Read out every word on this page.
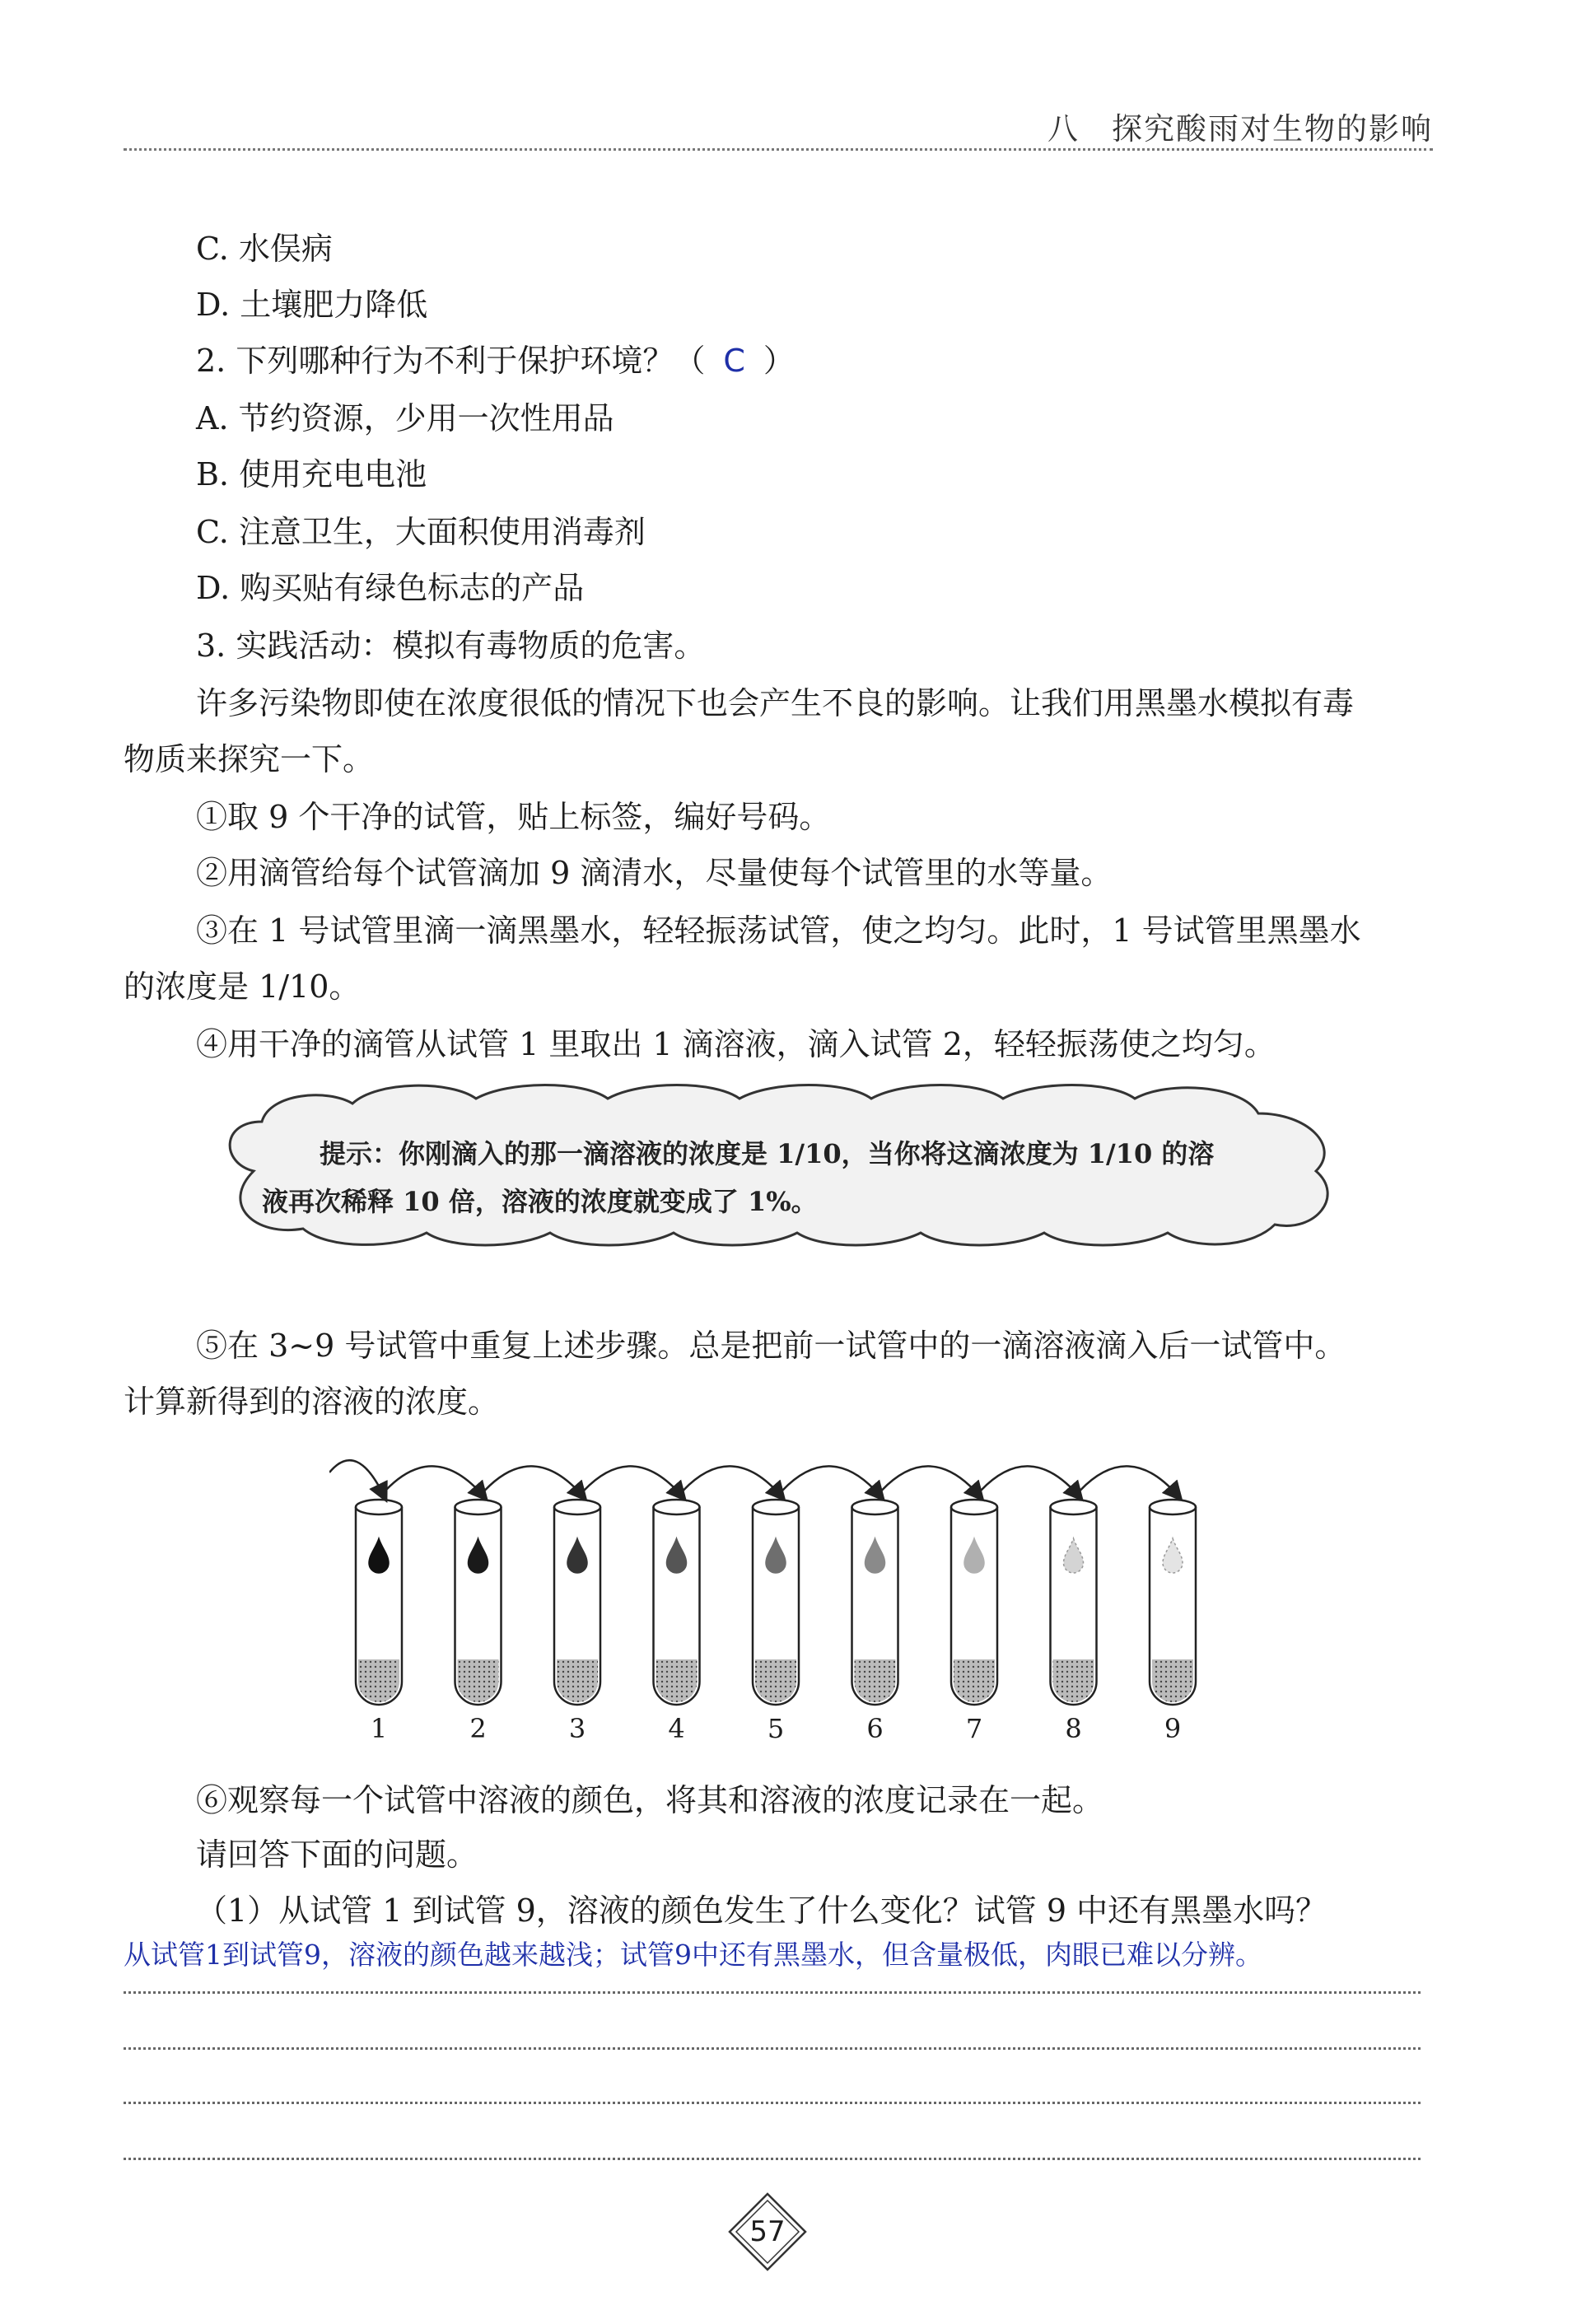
八　探究酸雨对生物的影响
C. 水俣病
D. 土壤肥力降低
2. 下列哪种行为不利于保护环境？（ C ）
A. 节约资源，少用一次性用品
B. 使用充电电池
C. 注意卫生，大面积使用消毒剂
D. 购买贴有绿色标志的产品
3. 实践活动：模拟有毒物质的危害。
许多污染物即使在浓度很低的情况下也会产生不良的影响。让我们用黑墨水模拟有毒
物质来探究一下。
①取 9 个干净的试管，贴上标签，编好号码。
②用滴管给每个试管滴加 9 滴清水，尽量使每个试管里的水等量。
③在 1 号试管里滴一滴黑墨水，轻轻振荡试管，使之均匀。此时，1 号试管里黑墨水
的浓度是 1/10。
④用干净的滴管从试管 1 里取出 1 滴溶液，滴入试管 2，轻轻振荡使之均匀。
提示：你刚滴入的那一滴溶液的浓度是 1/10，当你将这滴浓度为 1/10 的溶
液再次稀释 10 倍，溶液的浓度就变成了 1%。
⑤在 3~9 号试管中重复上述步骤。总是把前一试管中的一滴溶液滴入后一试管中。
计算新得到的溶液的浓度。
1	2	3	4	5	6	7	8	9
⑥观察每一个试管中溶液的颜色，将其和溶液的浓度记录在一起。
请回答下面的问题。
（1）从试管 1 到试管 9，溶液的颜色发生了什么变化？试管 9 中还有黑墨水吗？
从试管1到试管9，溶液的颜色越来越浅；试管9中还有黑墨水，但含量极低，肉眼已难以分辨。
57
